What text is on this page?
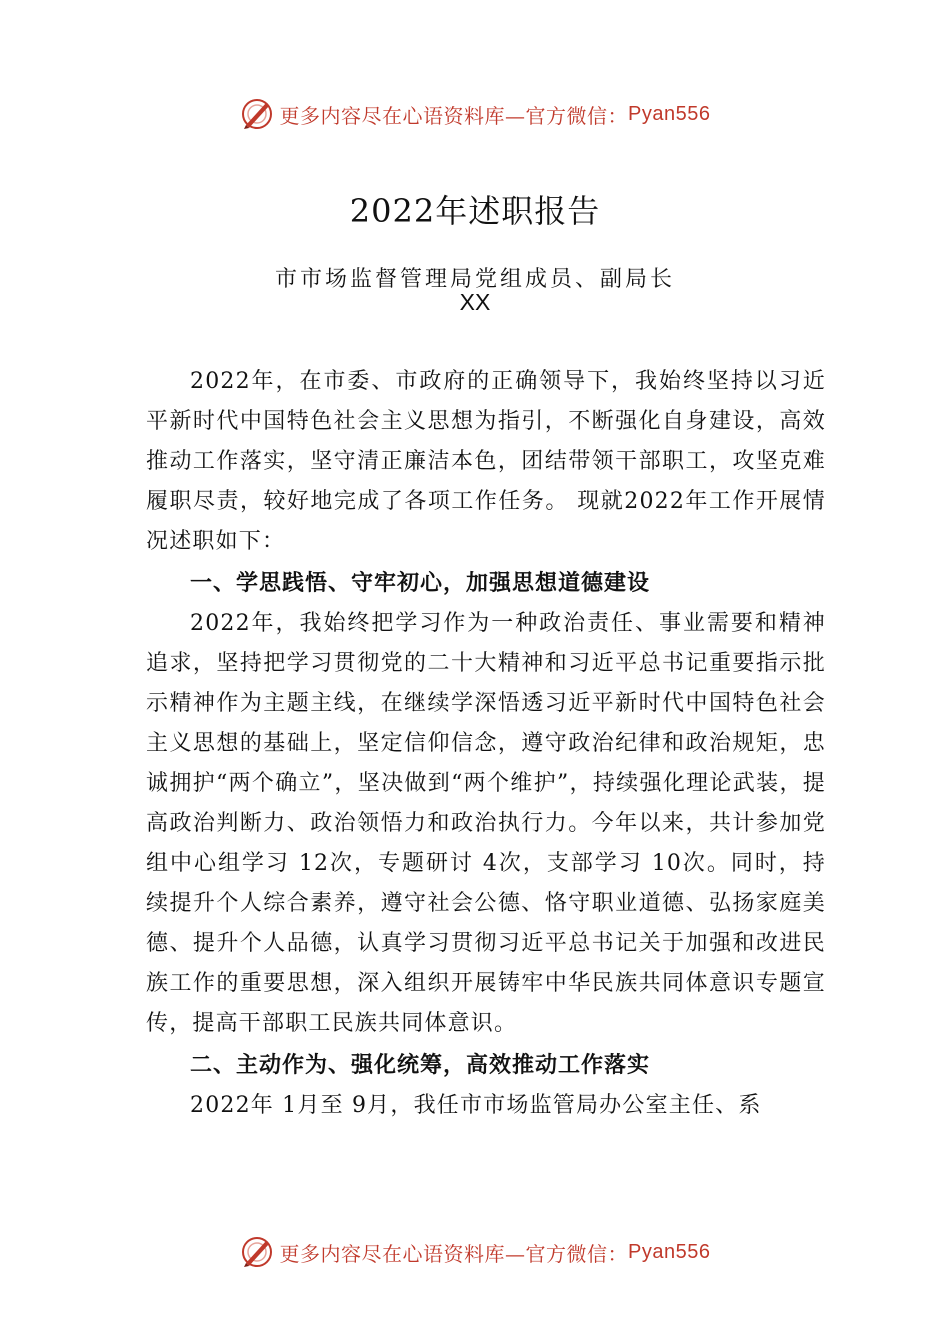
更多内容尽在心语资料库—官方微信： Pyan556
2022年述职报告
市市场监督管理局党组成员、副局长
XX

2022年，在市委、市政府的正确领导下，我始终坚持以习近平新时代中国特色社会主义思想为指引，不断强化自身建设，高效推动工作落实，坚守清正廉洁本色，团结带领干部职工，攻坚克难履职尽责，较好地完成了各项工作任务。 现就2022年工作开展情况述职如下：

一、学思践悟、守牢初心，加强思想道德建设

2022年，我始终把学习作为一种政治责任、事业需要和精神追求，坚持把学习贯彻党的二十大精神和习近平总书记重要指示批示精神作为主题主线，在继续学深悟透习近平新时代中国特色社会主义思想的基础上，坚定信仰信念，遵守政治纪律和政治规矩，忠诚拥护“两个确立”，坚决做到“两个维护”，持续强化理论武装，提高政治判断力、政治领悟力和政治执行力。今年以来，共计参加党组中心组学习 12次，专题研讨 4次，支部学习 10次。同时，持续提升个人综合素养，遵守社会公德、恪守职业道德、弘扬家庭美德、提升个人品德，认真学习贯彻习近平总书记关于加强和改进民族工作的重要思想，深入组织开展铸牢中华民族共同体意识专题宣传，提高干部职工民族共同体意识。

二、主动作为、强化统筹，高效推动工作落实

2022年 1月至 9月，我任市市场监管局办公室主任、系

更多内容尽在心语资料库—官方微信： Pyan556
